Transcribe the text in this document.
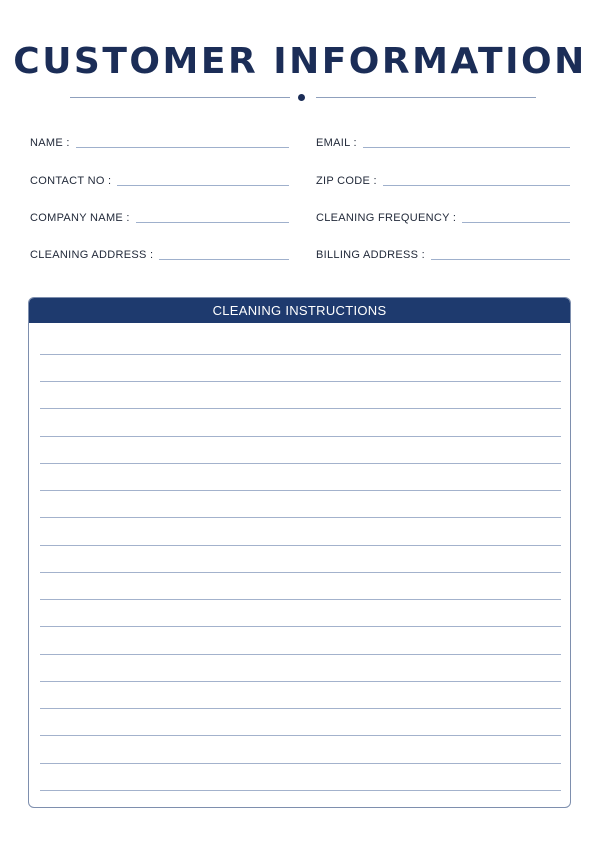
CUSTOMER INFORMATION
NAME :	EMAIL :
CONTACT NO :	ZIP CODE :
COMPANY NAME :	CLEANING FREQUENCY :
CLEANING ADDRESS :	BILLING ADDRESS :
CLEANING INSTRUCTIONS
